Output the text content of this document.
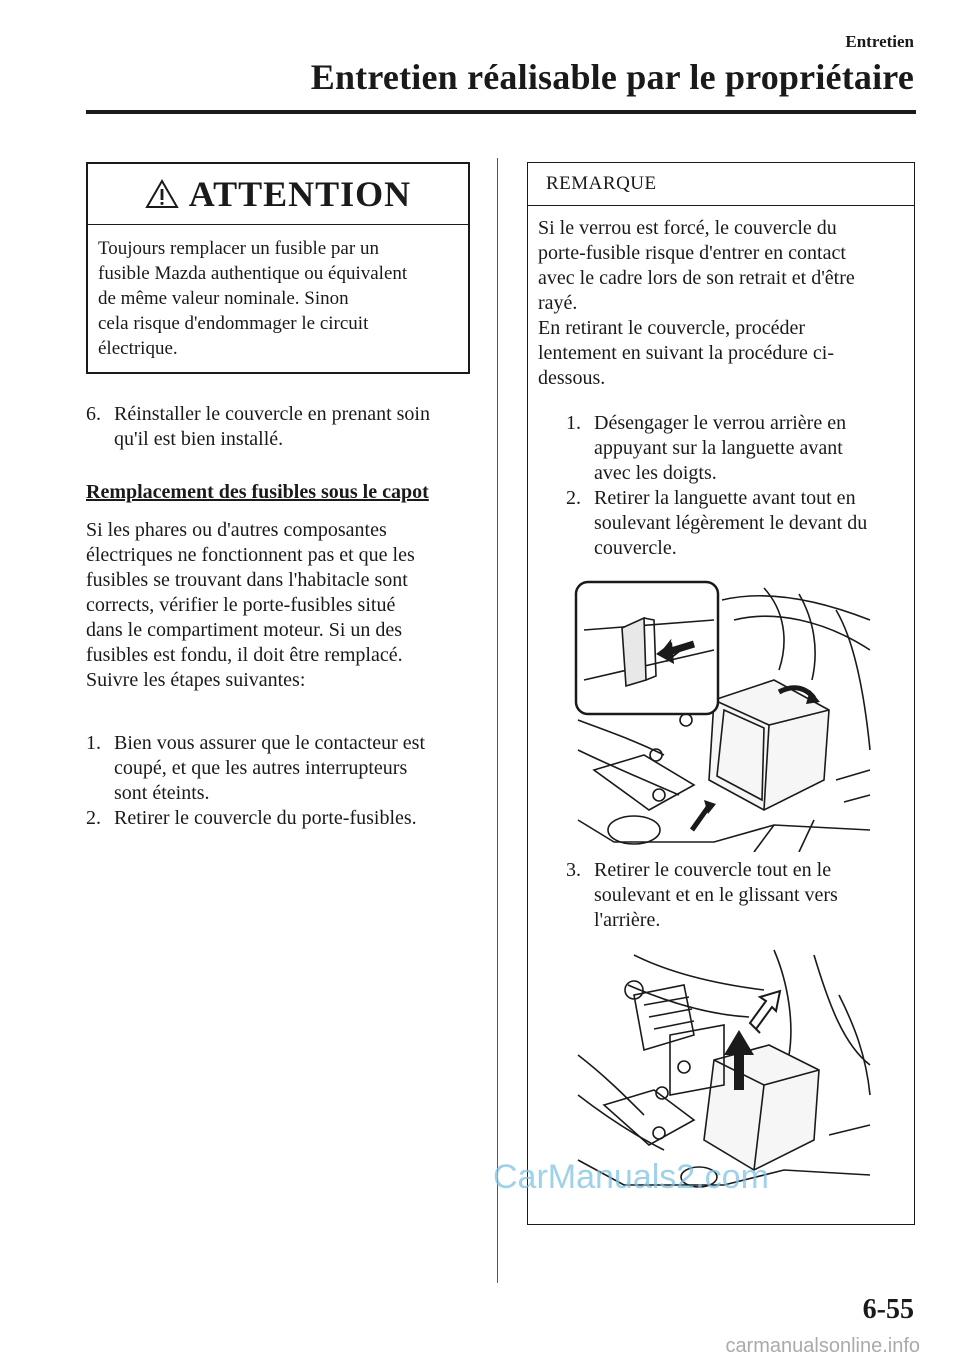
Entretien
Entretien réalisable par le propriétaire
ATTENTION
Toujours remplacer un fusible par un
fusible Mazda authentique ou équivalent
de même valeur nominale. Sinon
cela risque d'endommager le circuit
électrique.
6. Réinstaller le couvercle en prenant soin
qu'il est bien installé.
Remplacement des fusibles sous le capot
Si les phares ou d'autres composantes
électriques ne fonctionnent pas et que les
fusibles se trouvant dans l'habitacle sont
corrects, vérifier le porte-fusibles situé
dans le compartiment moteur. Si un des
fusibles est fondu, il doit être remplacé.
Suivre les étapes suivantes:
1. Bien vous assurer que le contacteur est
coupé, et que les autres interrupteurs
sont éteints.
2. Retirer le couvercle du porte-fusibles.
REMARQUE
Si le verrou est forcé, le couvercle du
porte-fusible risque d'entrer en contact
avec le cadre lors de son retrait et d'être
rayé.
En retirant le couvercle, procéder
lentement en suivant la procédure ci-
dessous.
1. Désengager le verrou arrière en
appuyant sur la languette avant
avec les doigts.
2. Retirer la languette avant tout en
soulevant légèrement le devant du
couvercle.
3. Retirer le couvercle tout en le
soulevant et en le glissant vers
l'arrière.
CarManuals2.com
6-55
carmanualsonline.info
